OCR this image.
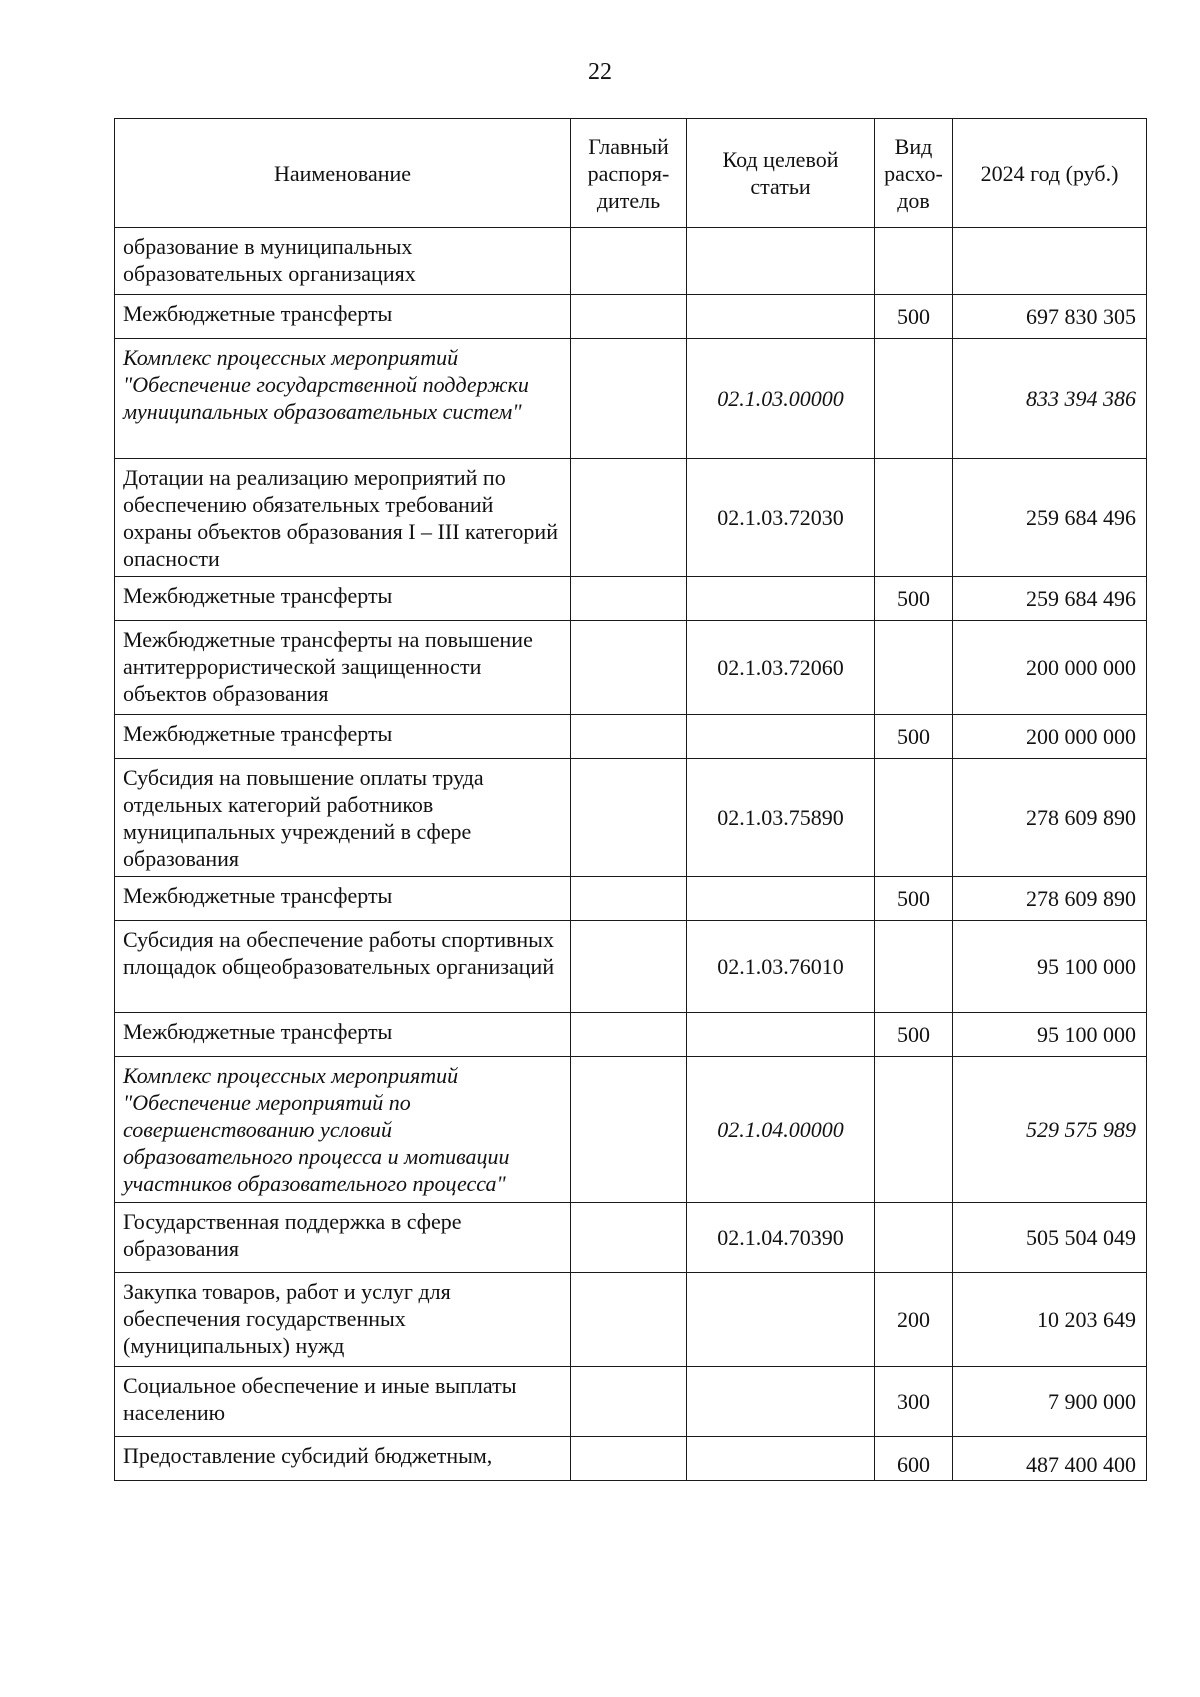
22
Наименование	Главный распоря-дитель	Код целевой статьи	Вид расхо-дов	2024 год (руб.)
образование в муниципальных образовательных организациях				
Межбюджетные трансферты			500	697 830 305
Комплекс процессных мероприятий "Обеспечение государственной поддержки муниципальных образовательных систем"		02.1.03.00000		833 394 386
Дотации на реализацию мероприятий по обеспечению обязательных требований охраны объектов образования I – III категорий опасности		02.1.03.72030		259 684 496
Межбюджетные трансферты			500	259 684 496
Межбюджетные трансферты на повышение антитеррористической защищенности объектов образования		02.1.03.72060		200 000 000
Межбюджетные трансферты			500	200 000 000
Субсидия на повышение оплаты труда отдельных категорий работников муниципальных учреждений в сфере образования		02.1.03.75890		278 609 890
Межбюджетные трансферты			500	278 609 890
Субсидия на обеспечение работы спортивных площадок общеобразовательных организаций		02.1.03.76010		95 100 000
Межбюджетные трансферты			500	95 100 000
Комплекс процессных мероприятий "Обеспечение мероприятий по совершенствованию условий образовательного процесса и мотивации участников образовательного процесса"		02.1.04.00000		529 575 989
Государственная поддержка в сфере образования		02.1.04.70390		505 504 049
Закупка товаров, работ и услуг для обеспечения государственных (муниципальных) нужд			200	10 203 649
Социальное обеспечение и иные выплаты населению			300	7 900 000
Предоставление субсидий бюджетным,			600	487 400 400
